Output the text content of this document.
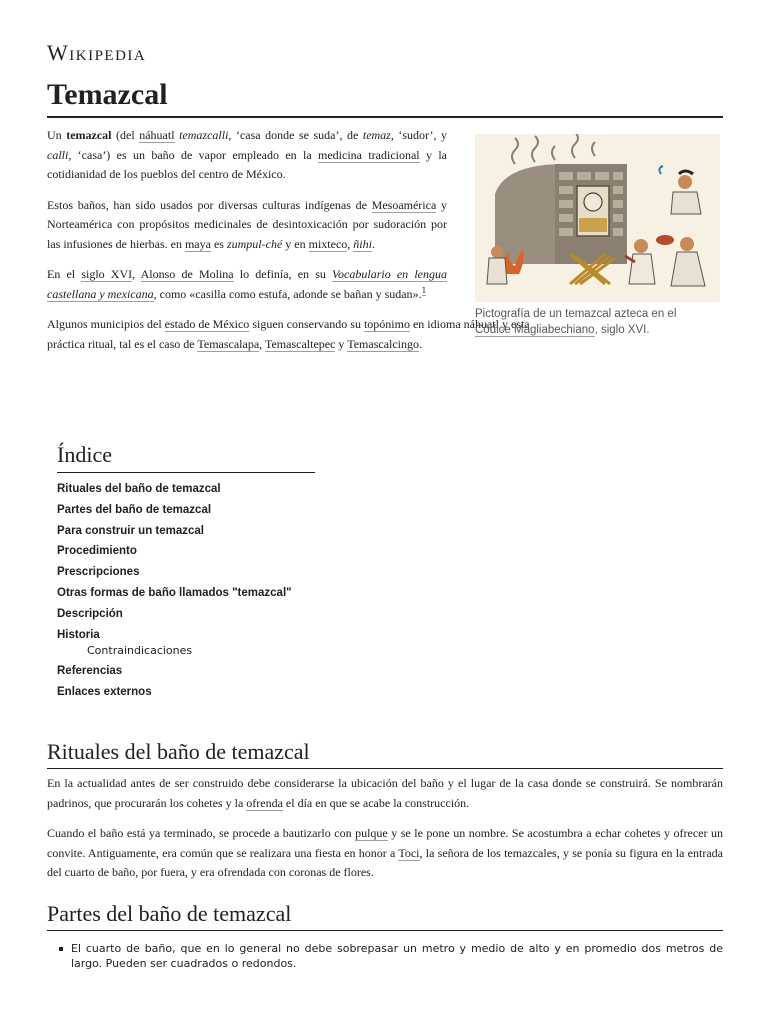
Wikipedia
Temazcal

Un temazcal (del náhuatl temazcalli, ‘casa donde se suda’, de temaz, ‘sudor’, y calli, ‘casa’) es un baño de vapor empleado en la medicina tradicional y la cotidianidad de los pueblos del centro de México.

Estos baños, han sido usados por diversas culturas indígenas de Mesoamérica y Norteamérica con propósitos medicinales de desintoxicación por sudoración por las infusiones de hierbas. en maya es zumpul-ché y en mixteco, ñihi.

En el siglo XVI, Alonso de Molina lo definía, en su Vocabulario en lengua castellana y mexicana, como «casilla como estufa, adonde se bañan y sudan».$^1$

Algunos municipios del estado de México siguen conservando su topónimo en idioma náhuatl y esta práctica ritual, tal es el caso de Temascalapa, Temascaltepec y Temascalcingo.

Pictografía de un temazcal azteca en el Códice Magliabechiano, siglo XVI.
Índice
Rituales del baño de temazcal
Partes del baño de temazcal
Para construir un temazcal
Procedimiento
Prescripciones
Otras formas de baño llamados "temazcal"
Descripción
Historia
Contraindicaciones
Referencias
Enlaces externos
Rituales del baño de temazcal

En la actualidad antes de ser construido debe considerarse la ubicación del baño y el lugar de la casa donde se construirá. Se nombrarán padrinos, que procurarán los cohetes y la ofrenda el día en que se acabe la construcción.

Cuando el baño está ya terminado, se procede a bautizarlo con pulque y se le pone un nombre. Se acostumbra a echar cohetes y ofrecer un convite. Antiguamente, era común que se realizara una fiesta en honor a Toci, la señora de los temazcales, y se ponía su figura en la entrada del cuarto de baño, por fuera, y era ofrendada con coronas de flores.

Partes del baño de temazcal
El cuarto de baño, que en lo general no debe sobrepasar un metro y medio de alto y en promedio dos metros de largo. Pueden ser cuadrados o redondos.
